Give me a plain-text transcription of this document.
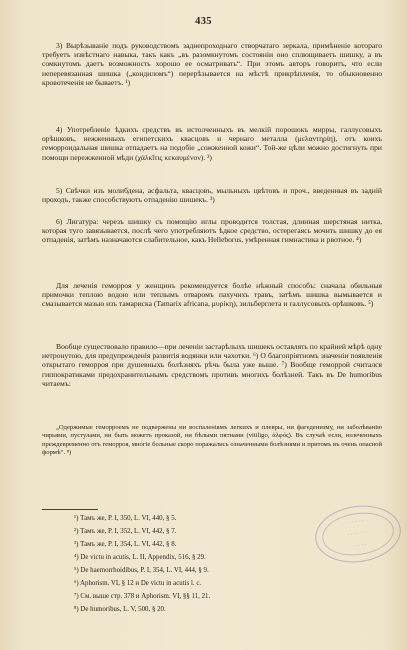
435
3) Вырѣзываніе подъ руководствомъ заднепроходнаго створчатаго зеркала, примѣненіе котораго требуетъ извѣстнаго навыка, такъ какъ „въ разомкнутомъ состояніи оно сплющиваетъ шишку, а въ сомкнутомъ даетъ возможность хорошо ее осматривать“. При этомъ авторъ говоритъ, что если неперевязанная шишка („кондиломъ“) перерѣзывается на мѣстѣ прикрѣпленія, то обыкновенно кровотеченія не бываетъ. ¹)
4) Употребленіе ѣдкихъ средствъ въ истолченныхъ въ мелкій порошокъ мирры, галлусовыхъ орѣшковъ, нежженныхъ египетскихъ квасцовъ и чернаго металла (μελαντηρίη), отъ коихъ геморроидальная шишка отпадаетъ на подобіе „сожженной кожи“. Той-же цѣли можно достигнуть при помощи пережженной мѣди (χάλκῖτις κεκαυμένον). ²)
5) Свѣчки изъ молибдена, асфальта, квасцовъ, мыльныхъ цвѣтовъ и проч., введенныя въ задній проходъ, также способствуютъ отпаденію шишекъ. ³)
6) Лигатура: черезъ шишку съ помощію иглы проводится толстая, длинная шерстяная нитка, которая туго завязывается, послѣ чего употребляютъ ѣдкое средство, остерегаясь мочить шишку до ея отпаденія, затѣмъ назначаются слабительное, какъ Helleborus, умѣренная гимнастика и рвотное. ⁴)
Для леченія геморроя у женщинъ рекомендуется болѣе нѣжный способъ: сначала обильныя примочки теплою водою или теплымъ отваромъ пахучихъ травъ, затѣмъ шишка вымывается и смазывается мазью изъ тамариска (Tamarix africana, μυρίκη), зильберглета и галлусовыхъ орѣшковъ. ⁵)
Вообще существовало правило—при леченіи застарѣлыхъ шишекъ оставлять по крайней мѣрѣ одну нетронутою, для предупрежденія развитія водянки или чахотки. ⁶) О благопріятномъ значеніи появленія открытаго геморроя при душевныхъ болѣзняхъ рѣчь была уже выше. ⁷) Вообще геморрой считался гиппократиками предохранительнымъ средствомъ противъ многихъ болѣзней. Такъ въ De humoribus читаемъ:
„Одержимые геморроемъ не подвержены ни воспаленіямъ легкихъ и плевры, ни фагеденизму, ни заболѣванію чирьями, пустулами, ни быть можетъ проказой, ни бѣлыми пятнами (vitiligo, ἀλφός). Въ случаѣ если, излеченныхъ преждевременно отъ геморроя, многіе больные скоро поражались означенными болѣзнями и притомъ въ очень опасной формѣ“. ⁸)
¹) Тамъ же, P. I, 350, L. VI, 440, § 5.
²) Тамъ же, P. I, 352, L. VI, 442, § 7.
³) Тамъ же, P. I, 354, L. VI, 442, § 8.
⁴) De victu in acutis, L. II, Appendix, 516, § 29.
⁵) De haemorrhoidibus, P. I, 354, L. VI, 444, § 9.
⁶) Aphorism. VI, § 12 и De victu in acutis l. c.
⁷) См. выше стр. 378 и Aphorism. VI, §§ 11, 21.
⁸) De humoribus, L. V, 500, § 20.
· · · · ·
· · · · · · ·
· · · · ·
